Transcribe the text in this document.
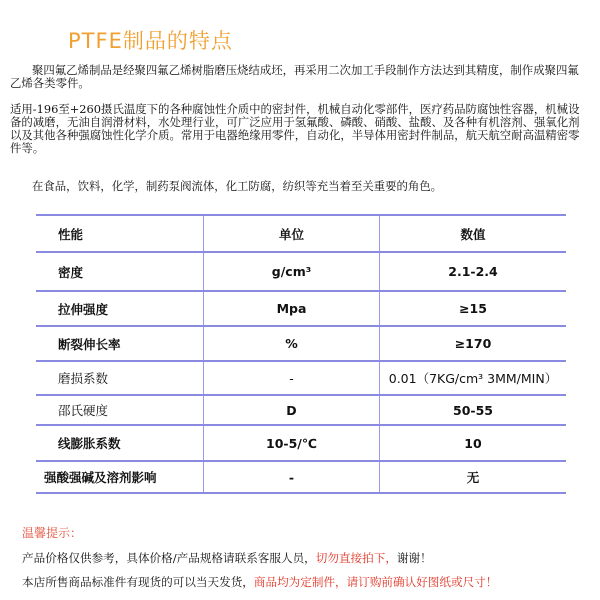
PTFE制品的特点

聚四氟乙烯制品是经聚四氟乙烯树脂磨压烧结成坯，再采用二次加工手段制作方法达到其精度，制作成聚四氟乙烯各类零件。

适用-196至+260摄氏温度下的各种腐蚀性介质中的密封件，机械自动化零部件，医疗药品防腐蚀性容器，机械设备的减磨，无油自润滑材料，水处理行业，可广泛应用于氢氟酸、磷酸、硝酸、盐酸、及各种有机溶剂、强氧化剂以及其他各种强腐蚀性化学介质。常用于电器绝缘用零件，自动化，半导体用密封件制品，航天航空耐高温精密零件等。

在食品，饮料，化学，制药泵阀流体，化工防腐，纺织等充当着至关重要的角色。

性能	单位	数值
密度	g/cm³	2.1-2.4
拉伸强度	Mpa	≥15
断裂伸长率	%	≥170
磨损系数	-	0.01（7KG/cm³ 3MM/MIN）
邵氏硬度	D	50-55
线膨胀系数	10-5/℃	10
强酸强碱及溶剂影响	-	无
温馨提示：

产品价格仅供参考，具体价格/产品规格请联系客服人员，切勿直接拍下，谢谢！

本店所售商品标准件有现货的可以当天发货，商品均为定制件，请订购前确认好图纸或尺寸！
